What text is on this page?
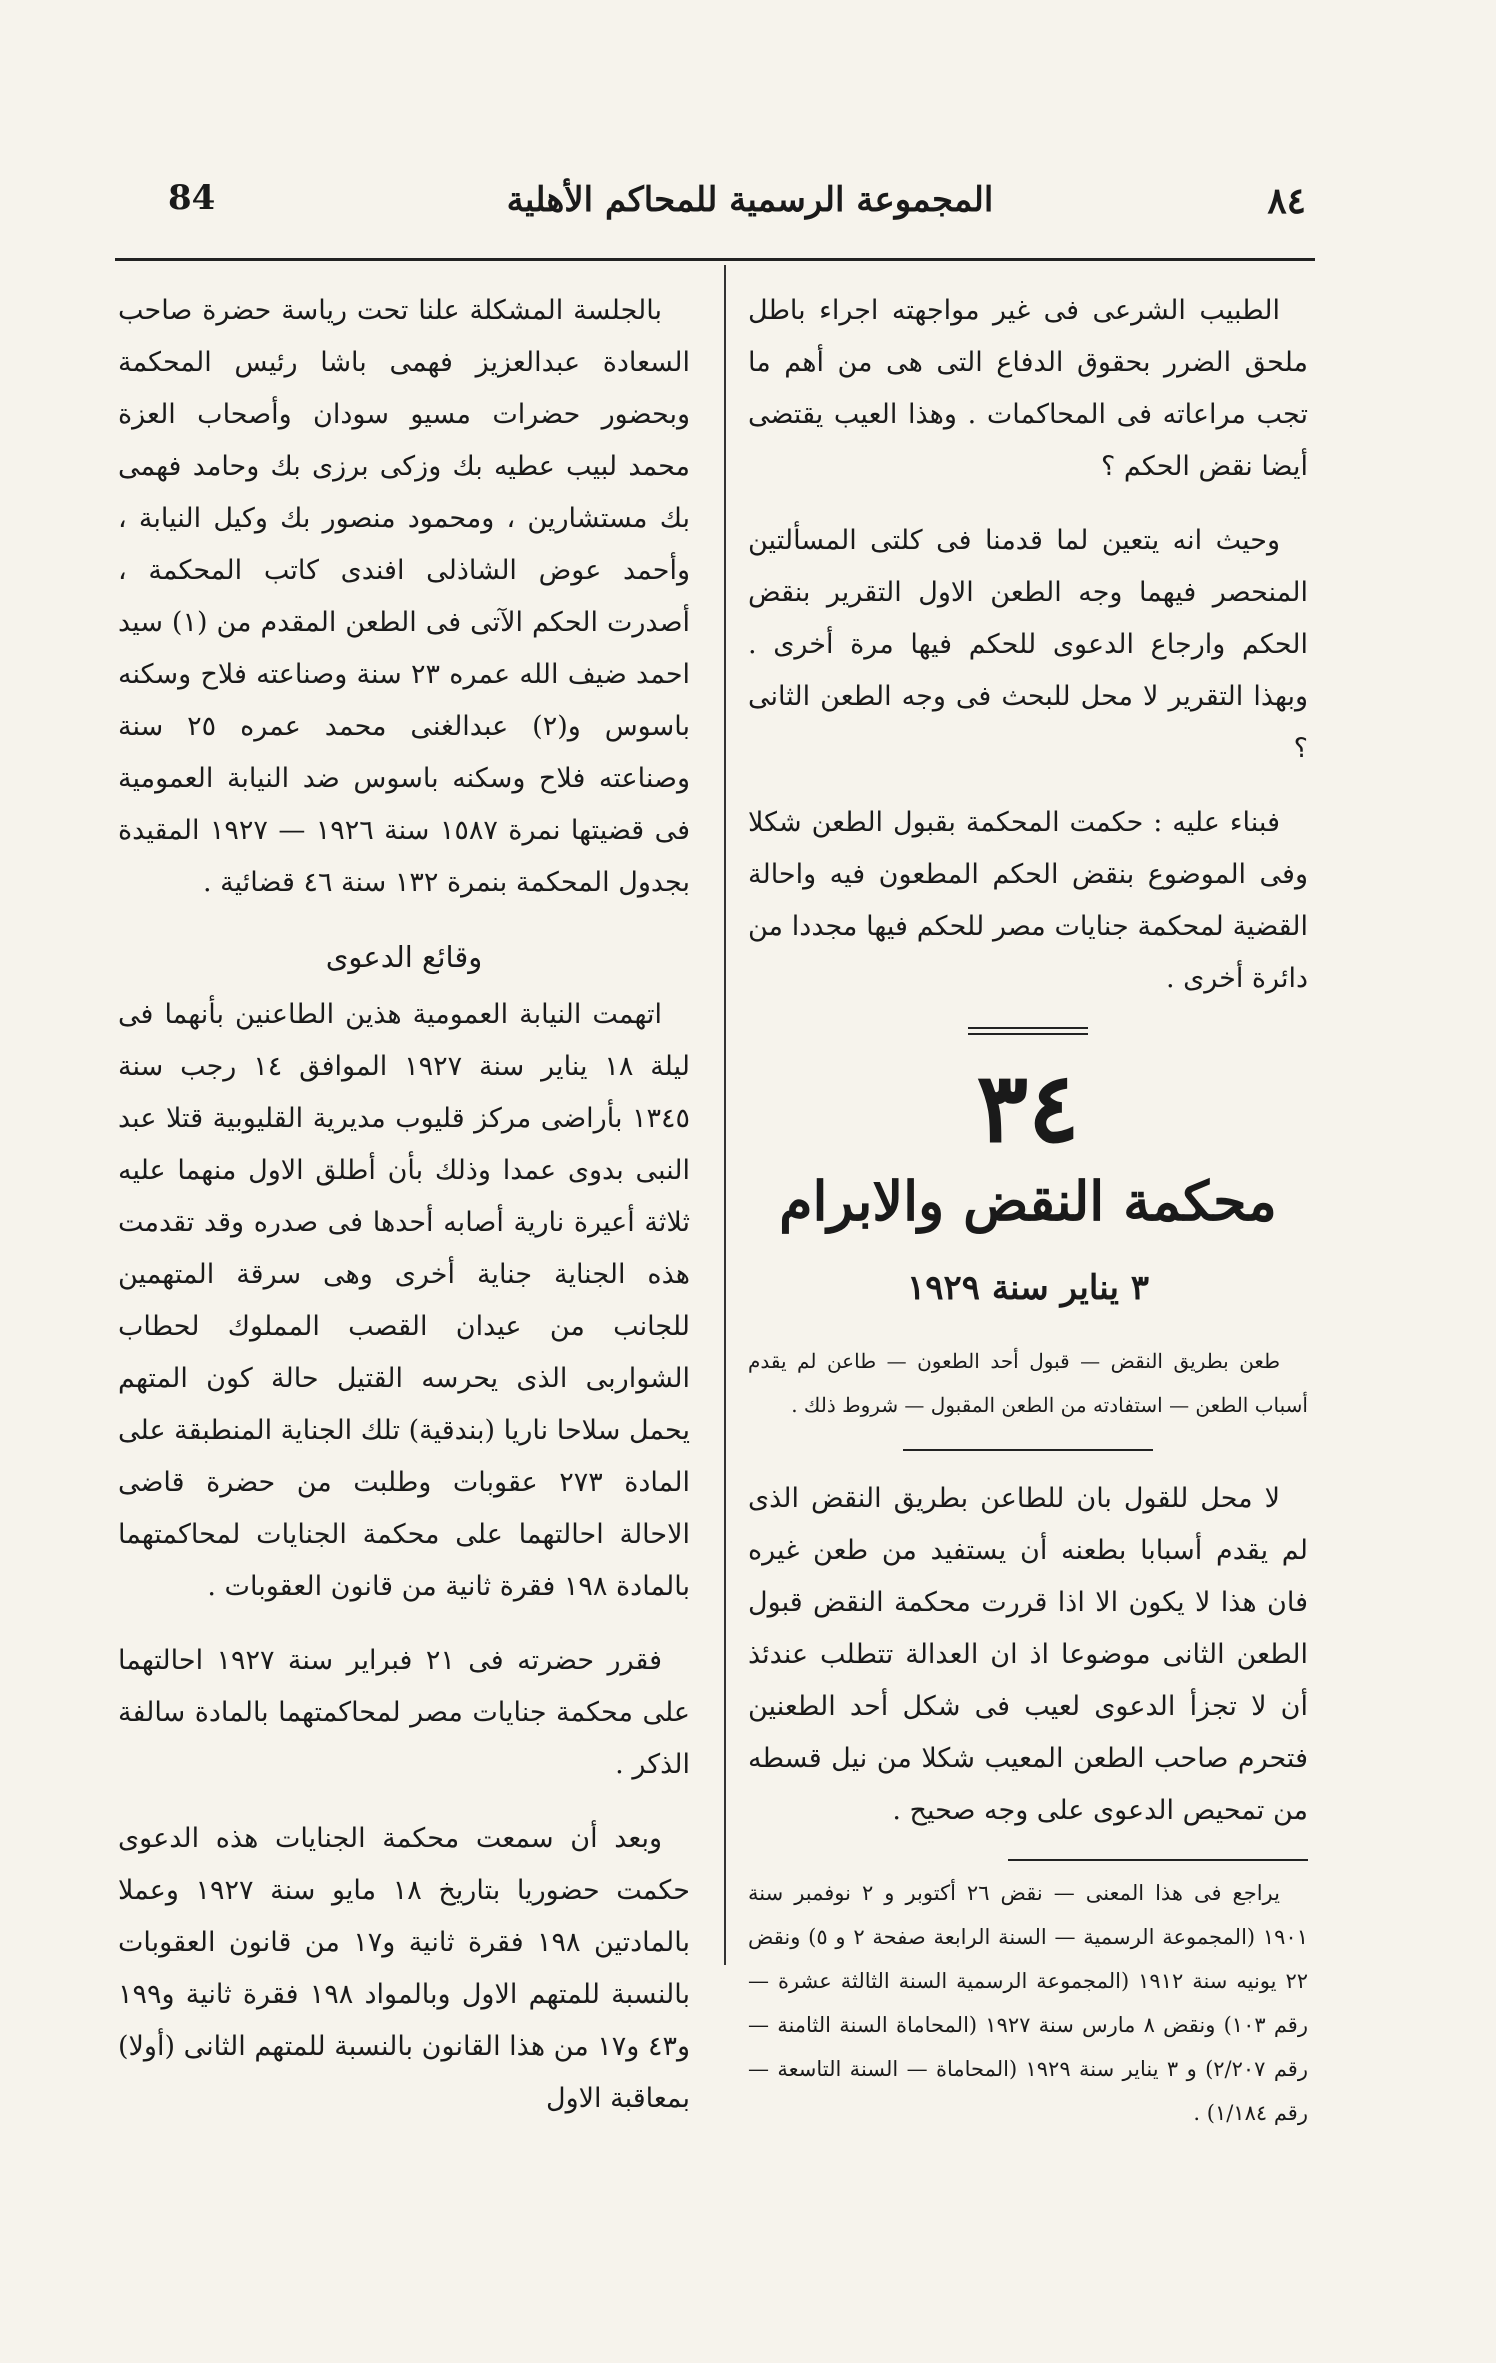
84	المجموعة الرسمية للمحاكم الأهلية	٨٤

الطبيب الشرعى فى غير مواجهته اجراء باطل ملحق الضرر بحقوق الدفاع التى هى من أهم ما تجب مراعاته فى المحاكمات . وهذا العيب يقتضى أيضا نقض الحكم ؟

وحيث انه يتعين لما قدمنا فى كلتى المسألتين المنحصر فيهما وجه الطعن الاول التقرير بنقض الحكم وارجاع الدعوى للحكم فيها مرة أخرى . وبهذا التقرير لا محل للبحث فى وجه الطعن الثانى ؟

فبناء عليه : حكمت المحكمة بقبول الطعن شكلا وفى الموضوع بنقض الحكم المطعون فيه واحالة القضية لمحكمة جنايات مصر للحكم فيها مجددا من دائرة أخرى .

٣٤
محكمة النقض والابرام
٣ يناير سنة ١٩٢٩

طعن بطريق النقض — قبول أحد الطعون — طاعن لم يقدم أسباب الطعن — استفادته من الطعن المقبول — شروط ذلك .

لا محل للقول بان للطاعن بطريق النقض الذى لم يقدم أسبابا بطعنه أن يستفيد من طعن غيره فان هذا لا يكون الا اذا قررت محكمة النقض قبول الطعن الثانى موضوعا اذ ان العدالة تتطلب عندئذ أن لا تجزأ الدعوى لعيب فى شكل أحد الطعنين فتحرم صاحب الطعن المعيب شكلا من نيل قسطه من تمحيص الدعوى على وجه صحيح .

يراجع فى هذا المعنى — نقض ٢٦ أكتوبر و ٢ نوفمبر سنة ١٩٠١ (المجموعة الرسمية — السنة الرابعة صفحة ٢ و ٥) ونقض ٢٢ يونيه سنة ١٩١٢ (المجموعة الرسمية السنة الثالثة عشرة — رقم ١٠٣) ونقض ٨ مارس سنة ١٩٢٧ (المحاماة السنة الثامنة — رقم ٢/٢٠٧) و ٣ يناير سنة ١٩٢٩ (المحاماة — السنة التاسعة — رقم ١/١٨٤) .

بالجلسة المشكلة علنا تحت رياسة حضرة صاحب السعادة عبدالعزيز فهمى باشا رئيس المحكمة وبحضور حضرات مسيو سودان وأصحاب العزة محمد لبيب عطيه بك وزكى برزى بك وحامد فهمى بك مستشارين ، ومحمود منصور بك وكيل النيابة ، وأحمد عوض الشاذلى افندى كاتب المحكمة ، أصدرت الحكم الآتى فى الطعن المقدم من (١) سيد احمد ضيف الله عمره ٢٣ سنة وصناعته فلاح وسكنه باسوس و(٢) عبدالغنى محمد عمره ٢٥ سنة وصناعته فلاح وسكنه باسوس ضد النيابة العمومية فى قضيتها نمرة ١٥٨٧ سنة ١٩٢٦ — ١٩٢٧ المقيدة بجدول المحكمة بنمرة ١٣٢ سنة ٤٦ قضائية .

وقائع الدعوى

اتهمت النيابة العمومية هذين الطاعنين بأنهما فى ليلة ١٨ يناير سنة ١٩٢٧ الموافق ١٤ رجب سنة ١٣٤٥ بأراضى مركز قليوب مديرية القليوبية قتلا عبد النبى بدوى عمدا وذلك بأن أطلق الاول منهما عليه ثلاثة أعيرة نارية أصابه أحدها فى صدره وقد تقدمت هذه الجناية جناية أخرى وهى سرقة المتهمين للجانب من عيدان القصب المملوك لحطاب الشواربى الذى يحرسه القتيل حالة كون المتهم يحمل سلاحا ناريا (بندقية) تلك الجناية المنطبقة على المادة ٢٧٣ عقوبات وطلبت من حضرة قاضى الاحالة احالتهما على محكمة الجنايات لمحاكمتهما بالمادة ١٩٨ فقرة ثانية من قانون العقوبات .

فقرر حضرته فى ٢١ فبراير سنة ١٩٢٧ احالتهما على محكمة جنايات مصر لمحاكمتهما بالمادة سالفة الذكر .

وبعد أن سمعت محكمة الجنايات هذه الدعوى حكمت حضوريا بتاريخ ١٨ مايو سنة ١٩٢٧ وعملا بالمادتين ١٩٨ فقرة ثانية و١٧ من قانون العقوبات بالنسبة للمتهم الاول وبالمواد ١٩٨ فقرة ثانية و١٩٩ و٤٣ و١٧ من هذا القانون بالنسبة للمتهم الثانى (أولا) بمعاقبة الاول
